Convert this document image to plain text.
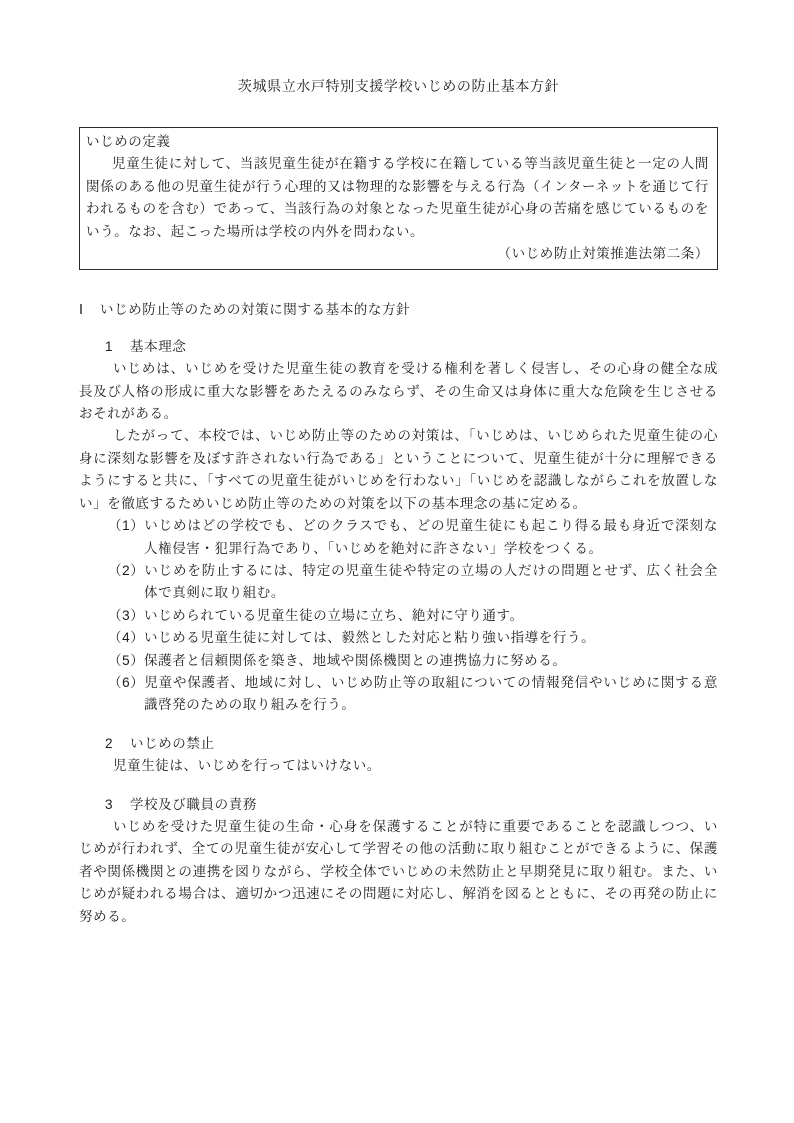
茨城県立水戸特別支援学校いじめの防止基本方針

いじめの定義

児童生徒に対して、当該児童生徒が在籍する学校に在籍している等当該児童生徒と一定の人間関係のある他の児童生徒が行う心理的又は物理的な影響を与える行為（インターネットを通じて行われるものを含む）であって、当該行為の対象となった児童生徒が心身の苦痛を感じているものをいう。なお、起こった場所は学校の内外を問わない。

（いじめ防止対策推進法第二条）

Ⅰ いじめ防止等のための対策に関する基本的な方針
1 基本理念

いじめは、いじめを受けた児童生徒の教育を受ける権利を著しく侵害し、その心身の健全な成長及び人格の形成に重大な影響をあたえるのみならず、その生命又は身体に重大な危険を生じさせるおそれがある。

したがって、本校では、いじめ防止等のための対策は、「いじめは、いじめられた児童生徒の心身に深刻な影響を及ぼす許されない行為である」ということについて、児童生徒が十分に理解できるようにすると共に、「すべての児童生徒がいじめを行わない」「いじめを認識しながらこれを放置しない」を徹底するためいじめ防止等のための対策を以下の基本理念の基に定める。

（1）いじめはどの学校でも、どのクラスでも、どの児童生徒にも起こり得る最も身近で深刻な人権侵害・犯罪行為であり、「いじめを絶対に許さない」学校をつくる。
（2）いじめを防止するには、特定の児童生徒や特定の立場の人だけの問題とせず、広く社会全体で真剣に取り組む。
（3）いじめられている児童生徒の立場に立ち、絶対に守り通す。
（4）いじめる児童生徒に対しては、毅然とした対応と粘り強い指導を行う。
（5）保護者と信頼関係を築き、地域や関係機関との連携協力に努める。
（6）児童や保護者、地域に対し、いじめ防止等の取組についての情報発信やいじめに関する意識啓発のための取り組みを行う。
2 いじめの禁止

児童生徒は、いじめを行ってはいけない。

3 学校及び職員の責務

いじめを受けた児童生徒の生命・心身を保護することが特に重要であることを認識しつつ、いじめが行われず、全ての児童生徒が安心して学習その他の活動に取り組むことができるように、保護者や関係機関との連携を図りながら、学校全体でいじめの未然防止と早期発見に取り組む。また、いじめが疑われる場合は、適切かつ迅速にその問題に対応し、解消を図るとともに、その再発の防止に努める。
